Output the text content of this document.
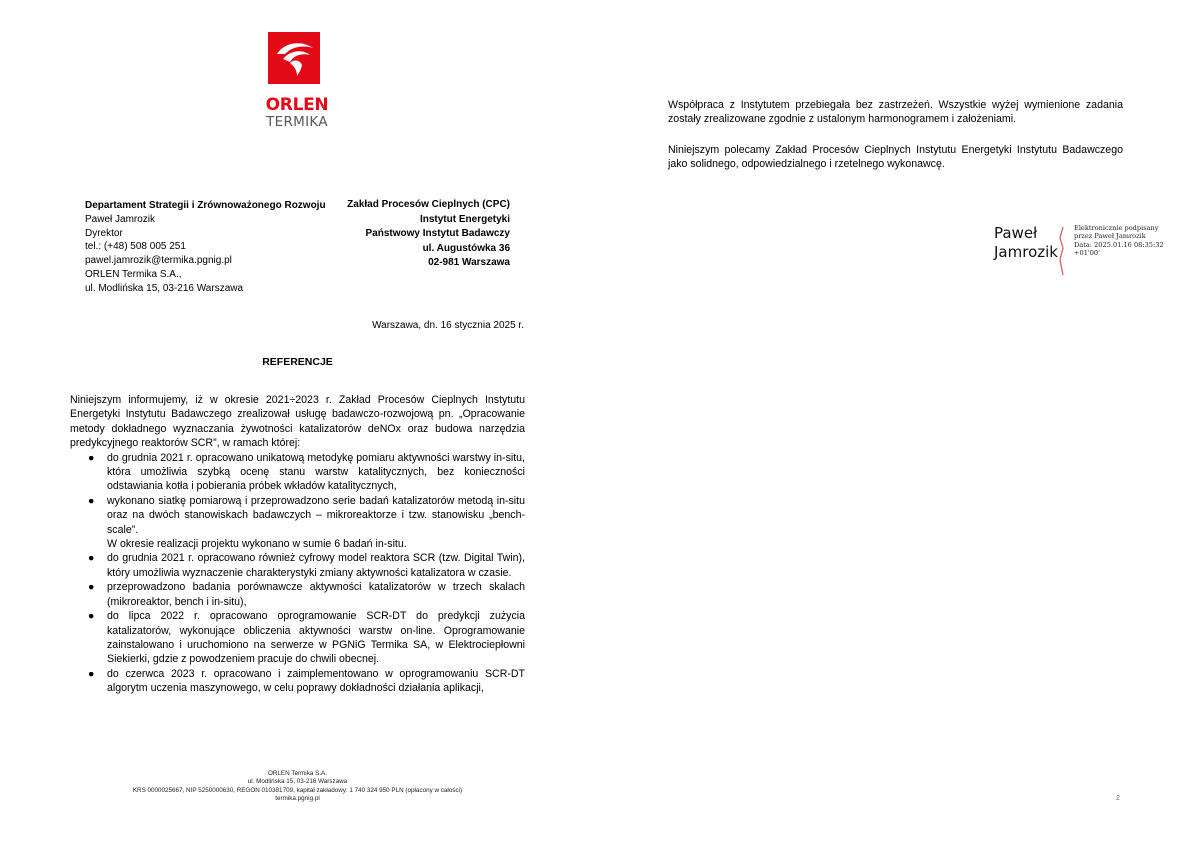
ORLEN
TERMIKA
Departament Strategii i Zrównoważonego Rozwoju
Paweł Jamrozik
Dyrektor
tel.: (+48) 508 005 251
pawel.jamrozik@termika.pgnig.pl
ORLEN Termika S.A.,
ul. Modlińska 15, 03-216 Warszawa
Zakład Procesów Cieplnych (CPC)
Instytut Energetyki
Państwowy Instytut Badawczy
ul. Augustówka 36
02-981 Warszawa
Warszawa, dn. 16 stycznia 2025 r.
REFERENCJE

Niniejszym informujemy, iż w okresie 2021÷2023 r. Zakład Procesów Cieplnych Instytutu Energetyki Instytutu Badawczego zrealizował usługę badawczo-rozwojową pn. „Opracowanie metody dokładnego wyznaczania żywotności katalizatorów deNOx oraz budowa narzędzia predykcyjnego reaktorów SCR”, w ramach której:

● do grudnia 2021 r. opracowano unikatową metodykę pomiaru aktywności warstwy in-situ, która umożliwia szybką ocenę stanu warstw katalitycznych, bez konieczności odstawiania kotła i pobierania próbek wkładów katalitycznych,
● wykonano siatkę pomiarową i przeprowadzono serie badań katalizatorów metodą in-situ oraz na dwóch stanowiskach badawczych – mikroreaktorze i tzw. stanowisku „bench-scale”.

W okresie realizacji projektu wykonano w sumie 6 badań in-situ.

● do grudnia 2021 r. opracowano również cyfrowy model reaktora SCR (tzw. Digital Twin), który umożliwia wyznaczenie charakterystyki zmiany aktywności katalizatora w czasie.
● przeprowadzono badania porównawcze aktywności katalizatorów w trzech skalach (mikroreaktor, bench i in-situ),
● do lipca 2022 r. opracowano oprogramowanie SCR-DT do predykcji zużycia katalizatorów, wykonujące obliczenia aktywności warstw on-line. Oprogramowanie zainstalowano i uruchomiono na serwerze w PGNiG Termika SA, w Elektrociepłowni Siekierki, gdzie z powodzeniem pracuje do chwili obecnej.
● do czerwca 2023 r. opracowano i zaimplementowano w oprogramowaniu SCR-DT algorytm uczenia maszynowego, w celu poprawy dokładności działania aplikacji,
ORLEN Termika S.A.
ul. Modlińska 15, 03-216 Warszawa
KRS 0000025667, NIP 5250000630, REGON 010381709, kapitał zakładowy: 1 740 324 950 PLN (opłacony w całości)
termika.pgnig.pl
Współpraca z Instytutem przebiegała bez zastrzeżeń. Wszystkie wyżej wymienione zadania zostały zrealizowane zgodnie z ustalonym harmonogramem i założeniami.
Niniejszym polecamy Zakład Procesów Cieplnych Instytutu Energetyki Instytutu Badawczego jako solidnego, odpowiedzialnego i rzetelnego wykonawcę.
Paweł
Jamrozik
Elektronicznie podpisany
przez Paweł Jamrozik
Data: 2025.01.16 08:35:32
+01'00'
2
